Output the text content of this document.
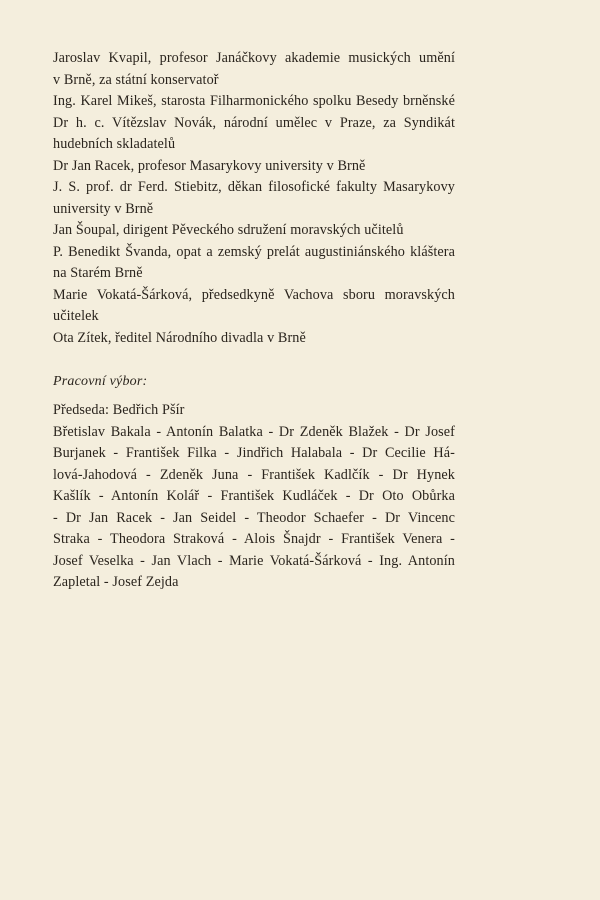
Jaroslav Kvapil, profesor Janáčkovy akademie musických umění
v Brně, za státní konservatoř
Ing. Karel Mikeš, starosta Filharmonického spolku Besedy brněnské
Dr h. c. Vítězslav Novák, národní umělec v Praze, za Syndikát
hudebních skladatelů
Dr Jan Racek, profesor Masarykovy university v Brně
J. S. prof. dr Ferd. Stiebitz, děkan filosofické fakulty Masarykovy
university v Brně
Jan Šoupal, dirigent Pěveckého sdružení moravských učitelů
P. Benedikt Švanda, opat a zemský prelát augustiniánského kláštera
na Starém Brně
Marie Vokatá-Šárková, předsedkyně Vachova sboru moravských
učitelek
Ota Zítek, ředitel Národního divadla v Brně
Pracovní výbor:
Předseda: Bedřich Pšír
Břetislav Bakala - Antonín Balatka - Dr Zdeněk Blažek - Dr Josef
Burjanek - František Filka - Jindřich Halabala - Dr Cecilie Há-
lová-Jahodová - Zdeněk Juna - František Kadlčík - Dr Hynek
Kašlík - Antonín Kolář - František Kudláček - Dr Oto Obůrka
- Dr Jan Racek - Jan Seidel - Theodor Schaefer - Dr Vincenc
Straka - Theodora Straková - Alois Šnajdr - František Venera -
Josef Veselka - Jan Vlach - Marie Vokatá-Šárková - Ing. Antonín
Zapletal - Josef Zejda
